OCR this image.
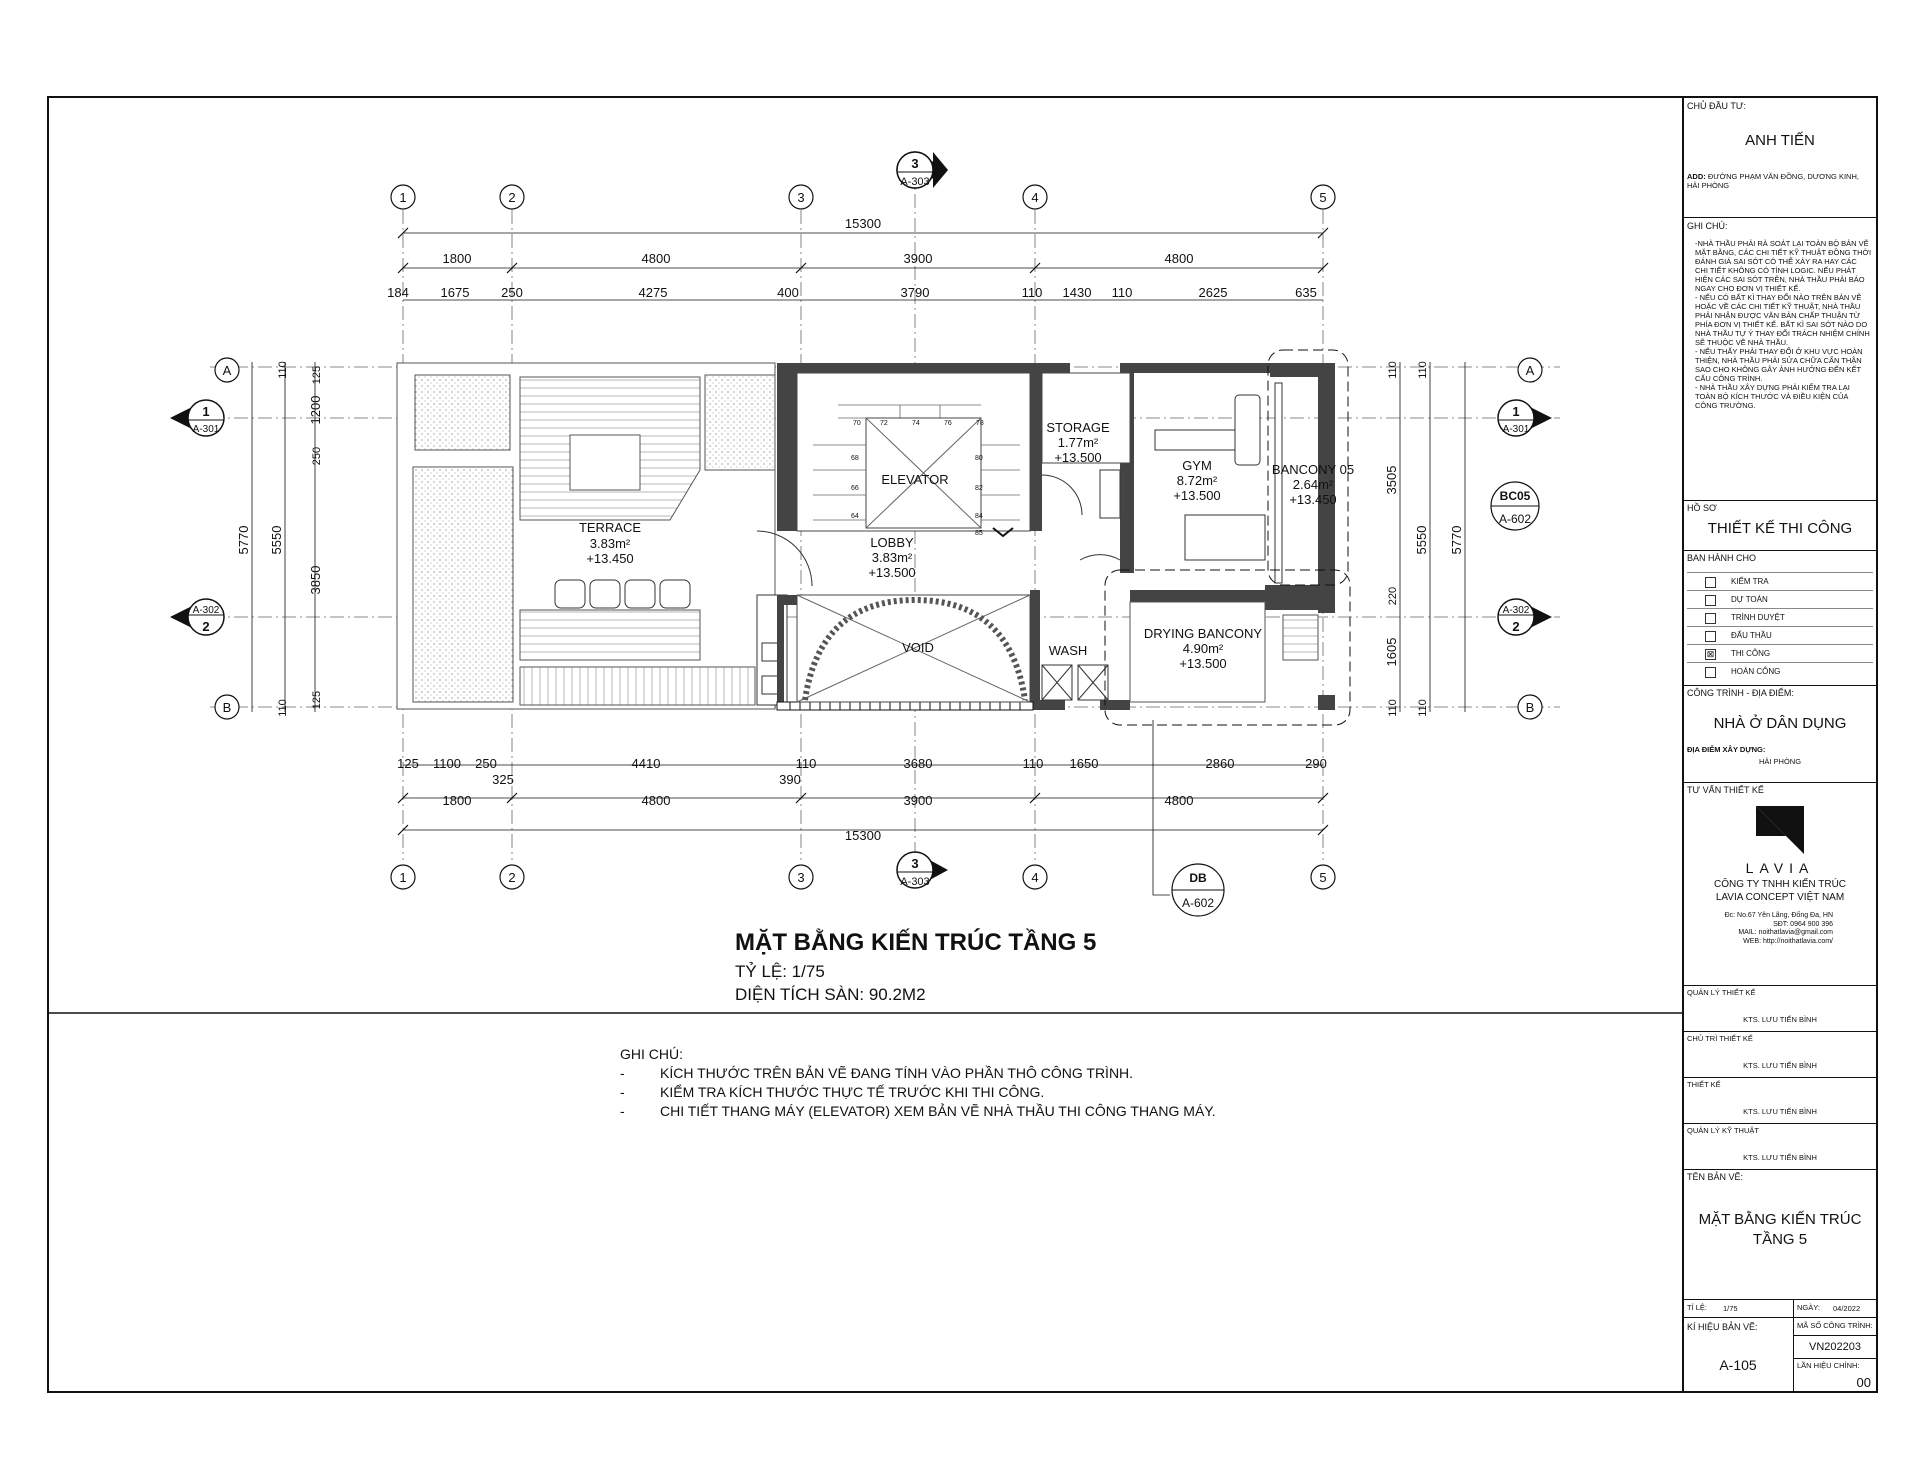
1	2	3	4	5
1	2	3	4	5
A
B
A
B
3
A-303
3
A-303
1
A-301
1
A-301
A-302
2
A-302
2
BC05
A-602
DB
A-602
15300
1800	4800	3900	4800
184 1675 250	4275	400	3790	110 1430 110	2625	635
125 1100 250	4410	110	3680	110 1650	2860	290
325	390
1800	4800	3900	4800
15300
5770 5550
110 125
1200
250
3850
125
110
5770
5550
110 110
3505
220
1605
110 110
70	72	74	76	78
68
66
64
80
82
84
85
TERRACE
3.83m²
+13.450
ELEVATOR
LOBBY
3.83m²
+13.500
STORAGE
1.77m²
+13.500
GYM
8.72m²
+13.500
BANCONY 05
2.64m²
+13.450
VOID	WASH
DRYING BANCONY
4.90m²
+13.500
MẶT BẰNG KIẾN TRÚC TẦNG 5
TỶ LỆ: 1/75
DIỆN TÍCH SÀN: 90.2M2
GHI CHÚ:
-	KÍCH THƯỚC TRÊN BẢN VẼ ĐANG TÍNH VÀO PHẦN THÔ CÔNG TRÌNH.
-	KIỂM TRA KÍCH THƯỚC THỰC TẾ TRƯỚC KHI THI CÔNG.
-	CHI TIẾT THANG MÁY (ELEVATOR) XEM BẢN VẼ NHÀ THẦU THI CÔNG THANG MÁY.
CHỦ ĐẦU TƯ:
ANH TIẾN
ADD: ĐƯỜNG PHẠM VĂN ĐỒNG, DƯƠNG KINH, HẢI PHÒNG
GHI CHÚ:
-NHÀ THẦU PHẢI RÀ SOÁT LẠI TOÀN BỘ BẢN VẼ
MẶT BẰNG, CÁC CHI TIẾT KỸ THUẬT ĐỒNG THỜI
ĐÁNH GIÁ SAI SÓT CÓ THỂ XẢY RA HAY CÁC
CHI TIẾT KHÔNG CÓ TÍNH LOGIC. NẾU PHÁT
HIỆN CÁC SAI SÓT TRÊN, NHÀ THẦU PHẢI BÁO
NGAY CHO ĐƠN VỊ THIẾT KẾ.
- NẾU CÓ BẤT KÌ THAY ĐỔI NÀO TRÊN BẢN VẼ
HOẶC VỀ CÁC CHI TIẾT KỸ THUẬT, NHÀ THẦU
PHẢI NHẬN ĐƯỢC VĂN BẢN CHẤP THUẬN TỪ
PHÍA ĐƠN VỊ THIẾT KẾ. BẤT KÌ SAI SÓT NÀO DO
NHÀ THẦU TỰ Ý THAY ĐỔI TRÁCH NHIỆM CHÍNH
SẼ THUỘC VỀ NHÀ THẦU.
- NẾU THẤY PHẢI THAY ĐỔI Ở KHU VỰC HOÀN
THIỆN, NHÀ THẦU PHẢI SỬA CHỮA CẨN THẬN
SAO CHO KHÔNG GÂY ẢNH HƯỞNG ĐẾN KẾT
CẤU CÔNG TRÌNH.
- NHÀ THẦU XÂY DỰNG PHẢI KIỂM TRA LẠI
TOÀN BỘ KÍCH THƯỚC VÀ ĐIỀU KIỆN CỦA
CÔNG TRƯỜNG.
HỒ SƠ
THIẾT KẾ THI CÔNG
BAN HÀNH CHO
KIỂM TRA
DỰ TOÁN
TRÌNH DUYỆT
ĐẤU THẦU
⊠ THI CÔNG
HOÀN CÔNG
CÔNG TRÌNH - ĐỊA ĐIỂM:
NHÀ Ở DÂN DỤNG
ĐỊA ĐIỂM XÂY DỰNG:
HẢI PHÒNG
TƯ VẤN THIẾT KẾ
LAVIA
CÔNG TY TNHH KIẾN TRÚC
LAVIA CONCEPT VIỆT NAM
Đc: No.67 Yên Lãng, Đống Đa, HN
SĐT: 0964 900 396
MAIL: noithatlavia@gmail.com
WEB: http://noithatlavia.com/
QUẢN LÝ THIẾT KẾ
KTS. LƯU TIẾN BÌNH
CHỦ TRÌ THIẾT KẾ
KTS. LƯU TIẾN BÌNH
THIẾT KẾ
KTS. LƯU TIẾN BÌNH
QUẢN LÝ KỸ THUẬT
KTS. LƯU TIẾN BÌNH
TÊN BẢN VẼ:
MẶT BẰNG KIẾN TRÚC
TẦNG 5
TỈ LỆ: 1/75	NGÀY: 04/2022
KÍ HIỆU BẢN VẼ:
A-105
MÃ SỐ CÔNG TRÌNH:
VN202203
LẦN HIỆU CHỈNH:
00
